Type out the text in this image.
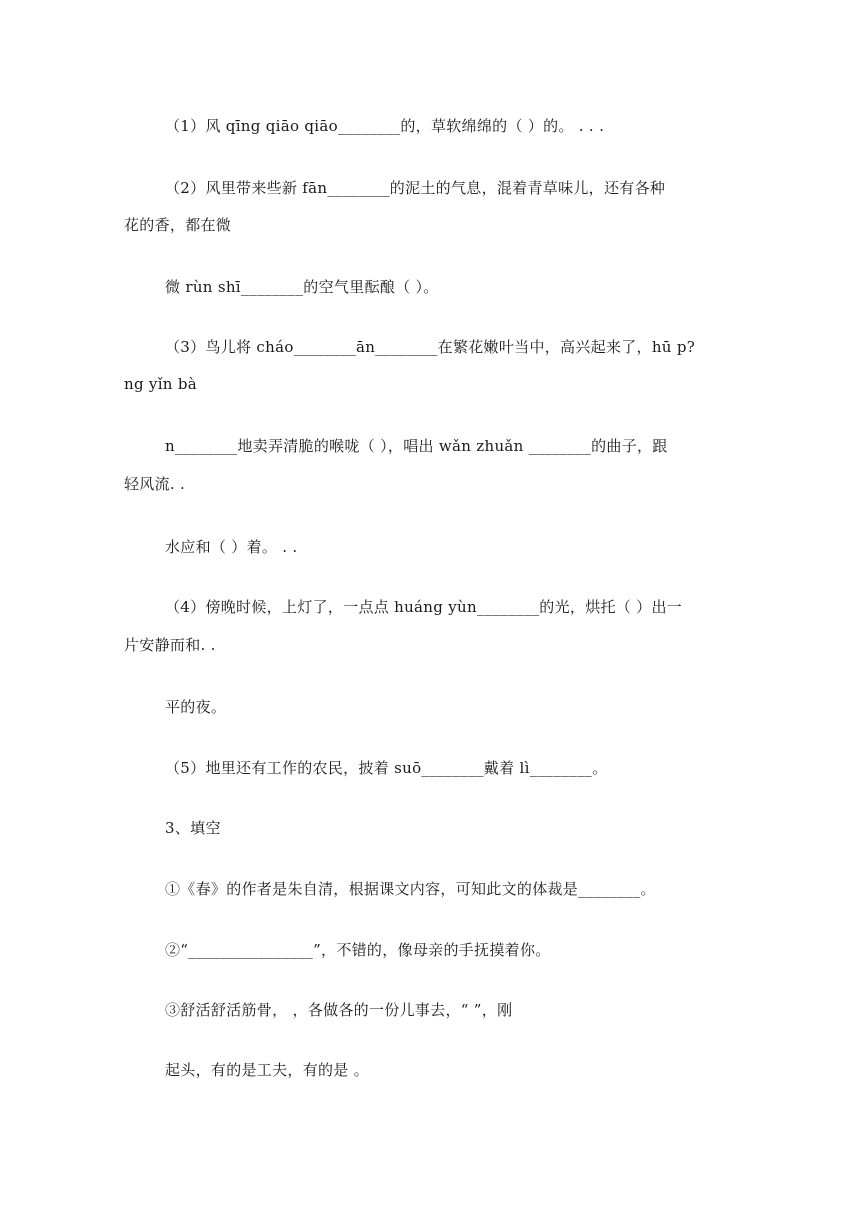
（1）风 qīng qiāo qiāo________的，草软绵绵的（ ）的。 . . .
（2）风里带来些新 fān________的泥土的气息，混着青草味儿，还有各种
花的香，都在微
微 rùn shī________的空气里酝酿（ ）。
（3）鸟儿将 cháo________ān________在繁花嫩叶当中，高兴起来了，hū p?
ng yǐn bà
n________地卖弄清脆的喉咙（ ），唱出 wǎn zhuǎn ________的曲子，跟
轻风流. .
水应和（ ）着。 . .
（4）傍晚时候，上灯了，一点点 huáng yùn________的光，烘托（ ）出一
片安静而和. .
平的夜。
（5）地里还有工作的农民，披着 suō________戴着 lì________。
3、填空
①《春》的作者是朱自清，根据课文内容，可知此文的体裁是________。
②“________________”，不错的，像母亲的手抚摸着你。
③舒活舒活筋骨， ，各做各的一份儿事去，“ ”，刚
起头，有的是工夫，有的是 。
